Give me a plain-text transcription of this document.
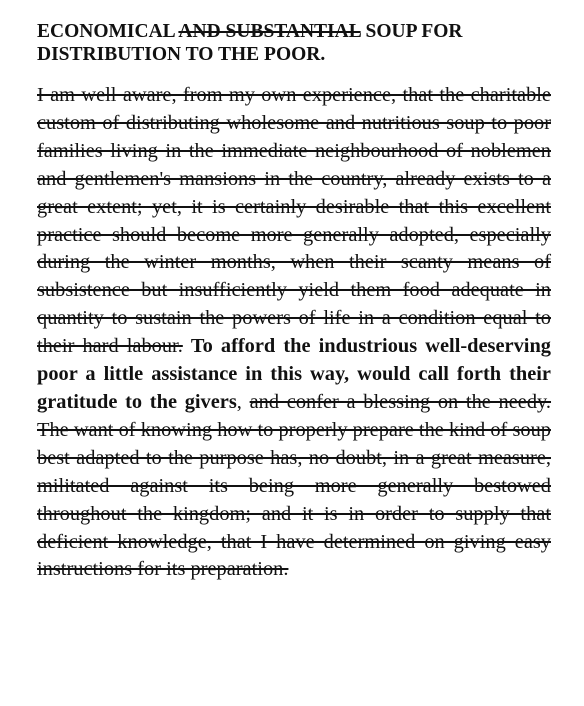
ECONOMICAL AND SUBSTANTIAL SOUP FOR DISTRIBUTION TO THE POOR.

I am well aware, from my own experience, that the charitable custom of distributing wholesome and nutritious soup to poor families living in the immediate neighbourhood of noblemen and gentlemen's mansions in the country, already exists to a great extent; yet, it is certainly desirable that this excellent practice should become more generally adopted, especially during the winter months, when their scanty means of subsistence but insufficiently yield them food adequate in quantity to sustain the powers of life in a condition equal to their hard labour. To afford the industrious well-deserving poor a little assistance in this way, would call forth their gratitude to the givers, and confer a blessing on the needy. The want of knowing how to properly prepare the kind of soup best adapted to the purpose has, no doubt, in a great measure, militated against its being more generally bestowed throughout the kingdom; and it is in order to supply that deficient knowledge, that I have determined on giving easy instructions for its preparation.
